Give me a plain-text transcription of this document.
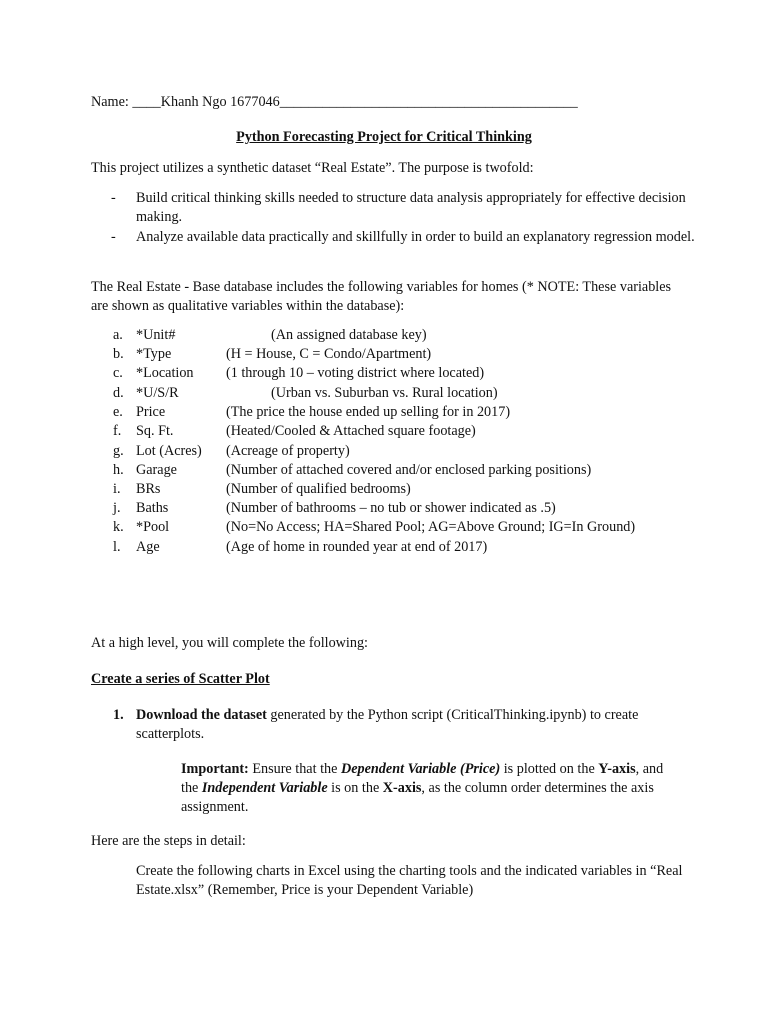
Name: ____Khanh Ngo 1677046__________________________________________
Python Forecasting Project for Critical Thinking
This project utilizes a synthetic dataset “Real Estate”. The purpose is twofold:
- Build critical thinking skills needed to structure data analysis appropriately for effective decision making.
- Analyze available data practically and skillfully in order to build an explanatory regression model.
The Real Estate - Base database includes the following variables for homes (* NOTE: These variables are shown as qualitative variables within the database):
a. *Unit#	(An assigned database key)
b. *Type	(H = House, C = Condo/Apartment)
c. *Location (1 through 10 – voting district where located)
d. *U/S/R	(Urban vs. Suburban vs. Rural location)
e. Price	(The price the house ended up selling for in 2017)
f. Sq. Ft.	(Heated/Cooled & Attached square footage)
g. Lot (Acres) (Acreage of property)
h. Garage	(Number of attached covered and/or enclosed parking positions)
i. BRs	(Number of qualified bedrooms)
j. Baths	(Number of bathrooms – no tub or shower indicated as .5)
k. *Pool	(No=No Access; HA=Shared Pool; AG=Above Ground; IG=In Ground)
l. Age	(Age of home in rounded year at end of 2017)
At a high level, you will complete the following:
Create a series of Scatter Plot
1. Download the dataset generated by the Python script (CriticalThinking.ipynb) to create scatterplots.
Important: Ensure that the Dependent Variable (Price) is plotted on the Y-axis, and the Independent Variable is on the X-axis, as the column order determines the axis assignment.
Here are the steps in detail:
Create the following charts in Excel using the charting tools and the indicated variables in “Real Estate.xlsx” (Remember, Price is your Dependent Variable)
